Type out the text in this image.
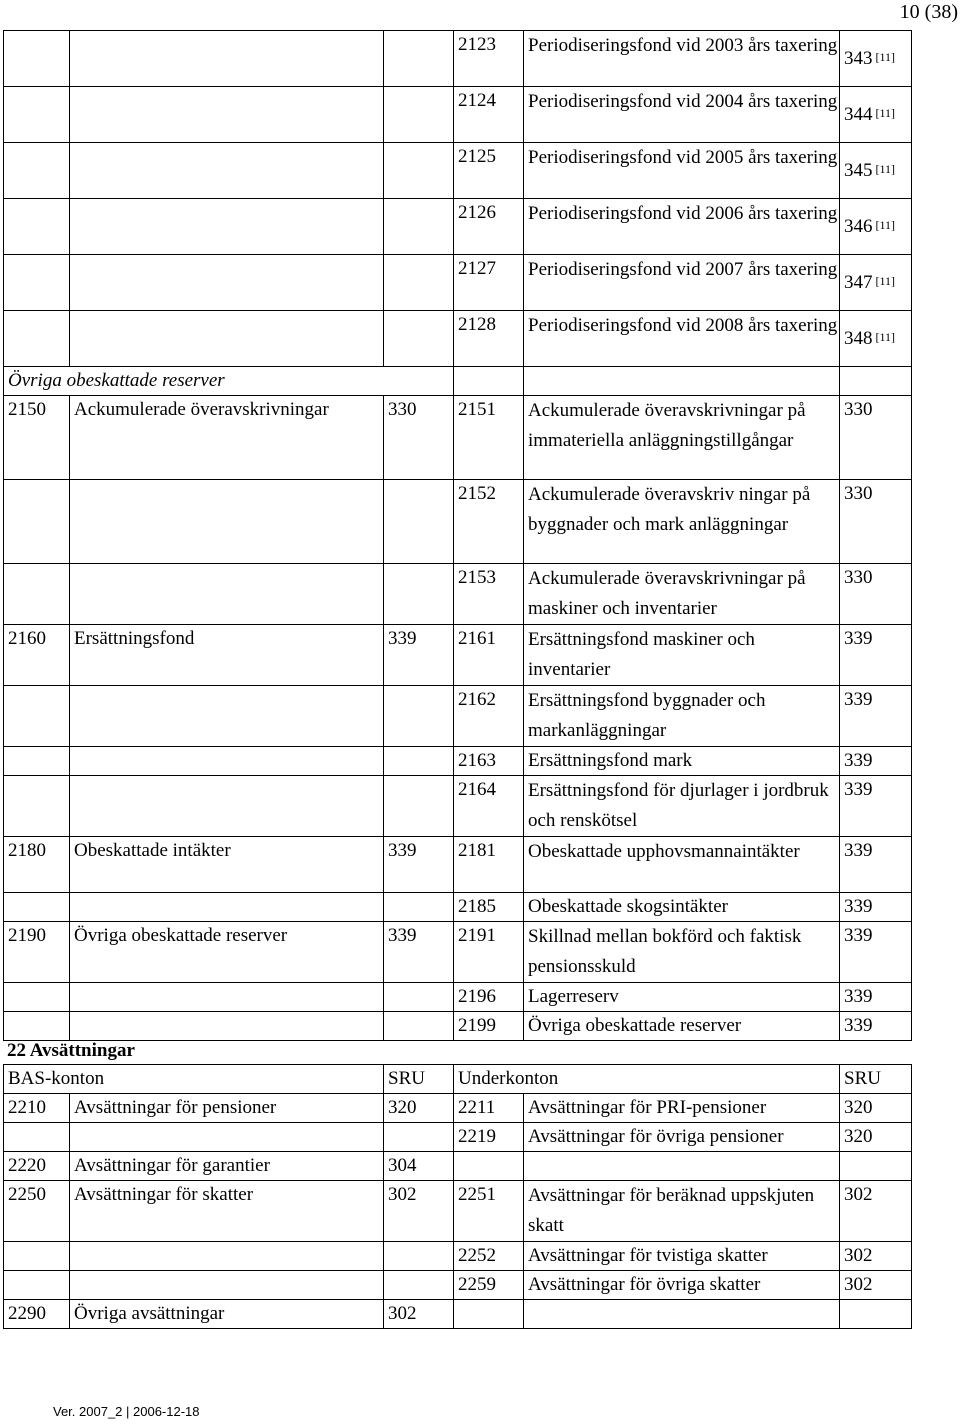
10 (38)
			2123	Periodiseringsfond vid 2003 års taxering	343 [11]
			2124	Periodiseringsfond vid 2004 års taxering	344 [11]
			2125	Periodiseringsfond vid 2005 års taxering	345 [11]
			2126	Periodiseringsfond vid 2006 års taxering	346 [11]
			2127	Periodiseringsfond vid 2007 års taxering	347 [11]
			2128	Periodiseringsfond vid 2008 års taxering	348 [11]
Övriga obeskattade reserver					
2150	Ackumulerade överavskrivningar	330	2151	Ackumulerade överavskrivningar på immateriella anläggningstillgångar	330
			2152	Ackumulerade överavskriv ningar på byggnader och mark anläggningar	330
			2153	Ackumulerade överavskrivningar på maskiner och inventarier	330
2160	Ersättningsfond	339	2161	Ersättningsfond maskiner och inventarier	339
			2162	Ersättningsfond byggnader och markanläggningar	339
			2163	Ersättningsfond mark	339
			2164	Ersättningsfond för djurlager i jordbruk och renskötsel	339
2180	Obeskattade intäkter	339	2181	Obeskattade upphovsmannaintäkter	339
			2185	Obeskattade skogsintäkter	339
2190	Övriga obeskattade reserver	339	2191	Skillnad mellan bokförd och faktisk pensionsskuld	339
			2196	Lagerreserv	339
			2199	Övriga obeskattade reserver	339
22 Avsättningar
BAS-konton		SRU	Underkonton		SRU
2210	Avsättningar för pensioner	320	2211	Avsättningar för PRI-pensioner	320
			2219	Avsättningar för övriga pensioner	320
2220	Avsättningar för garantier	304			
2250	Avsättningar för skatter	302	2251	Avsättningar för beräknad uppskjuten skatt	302
			2252	Avsättningar för tvistiga skatter	302
			2259	Avsättningar för övriga skatter	302
2290	Övriga avsättningar	302			
Ver. 2007_2 | 2006-12-18
